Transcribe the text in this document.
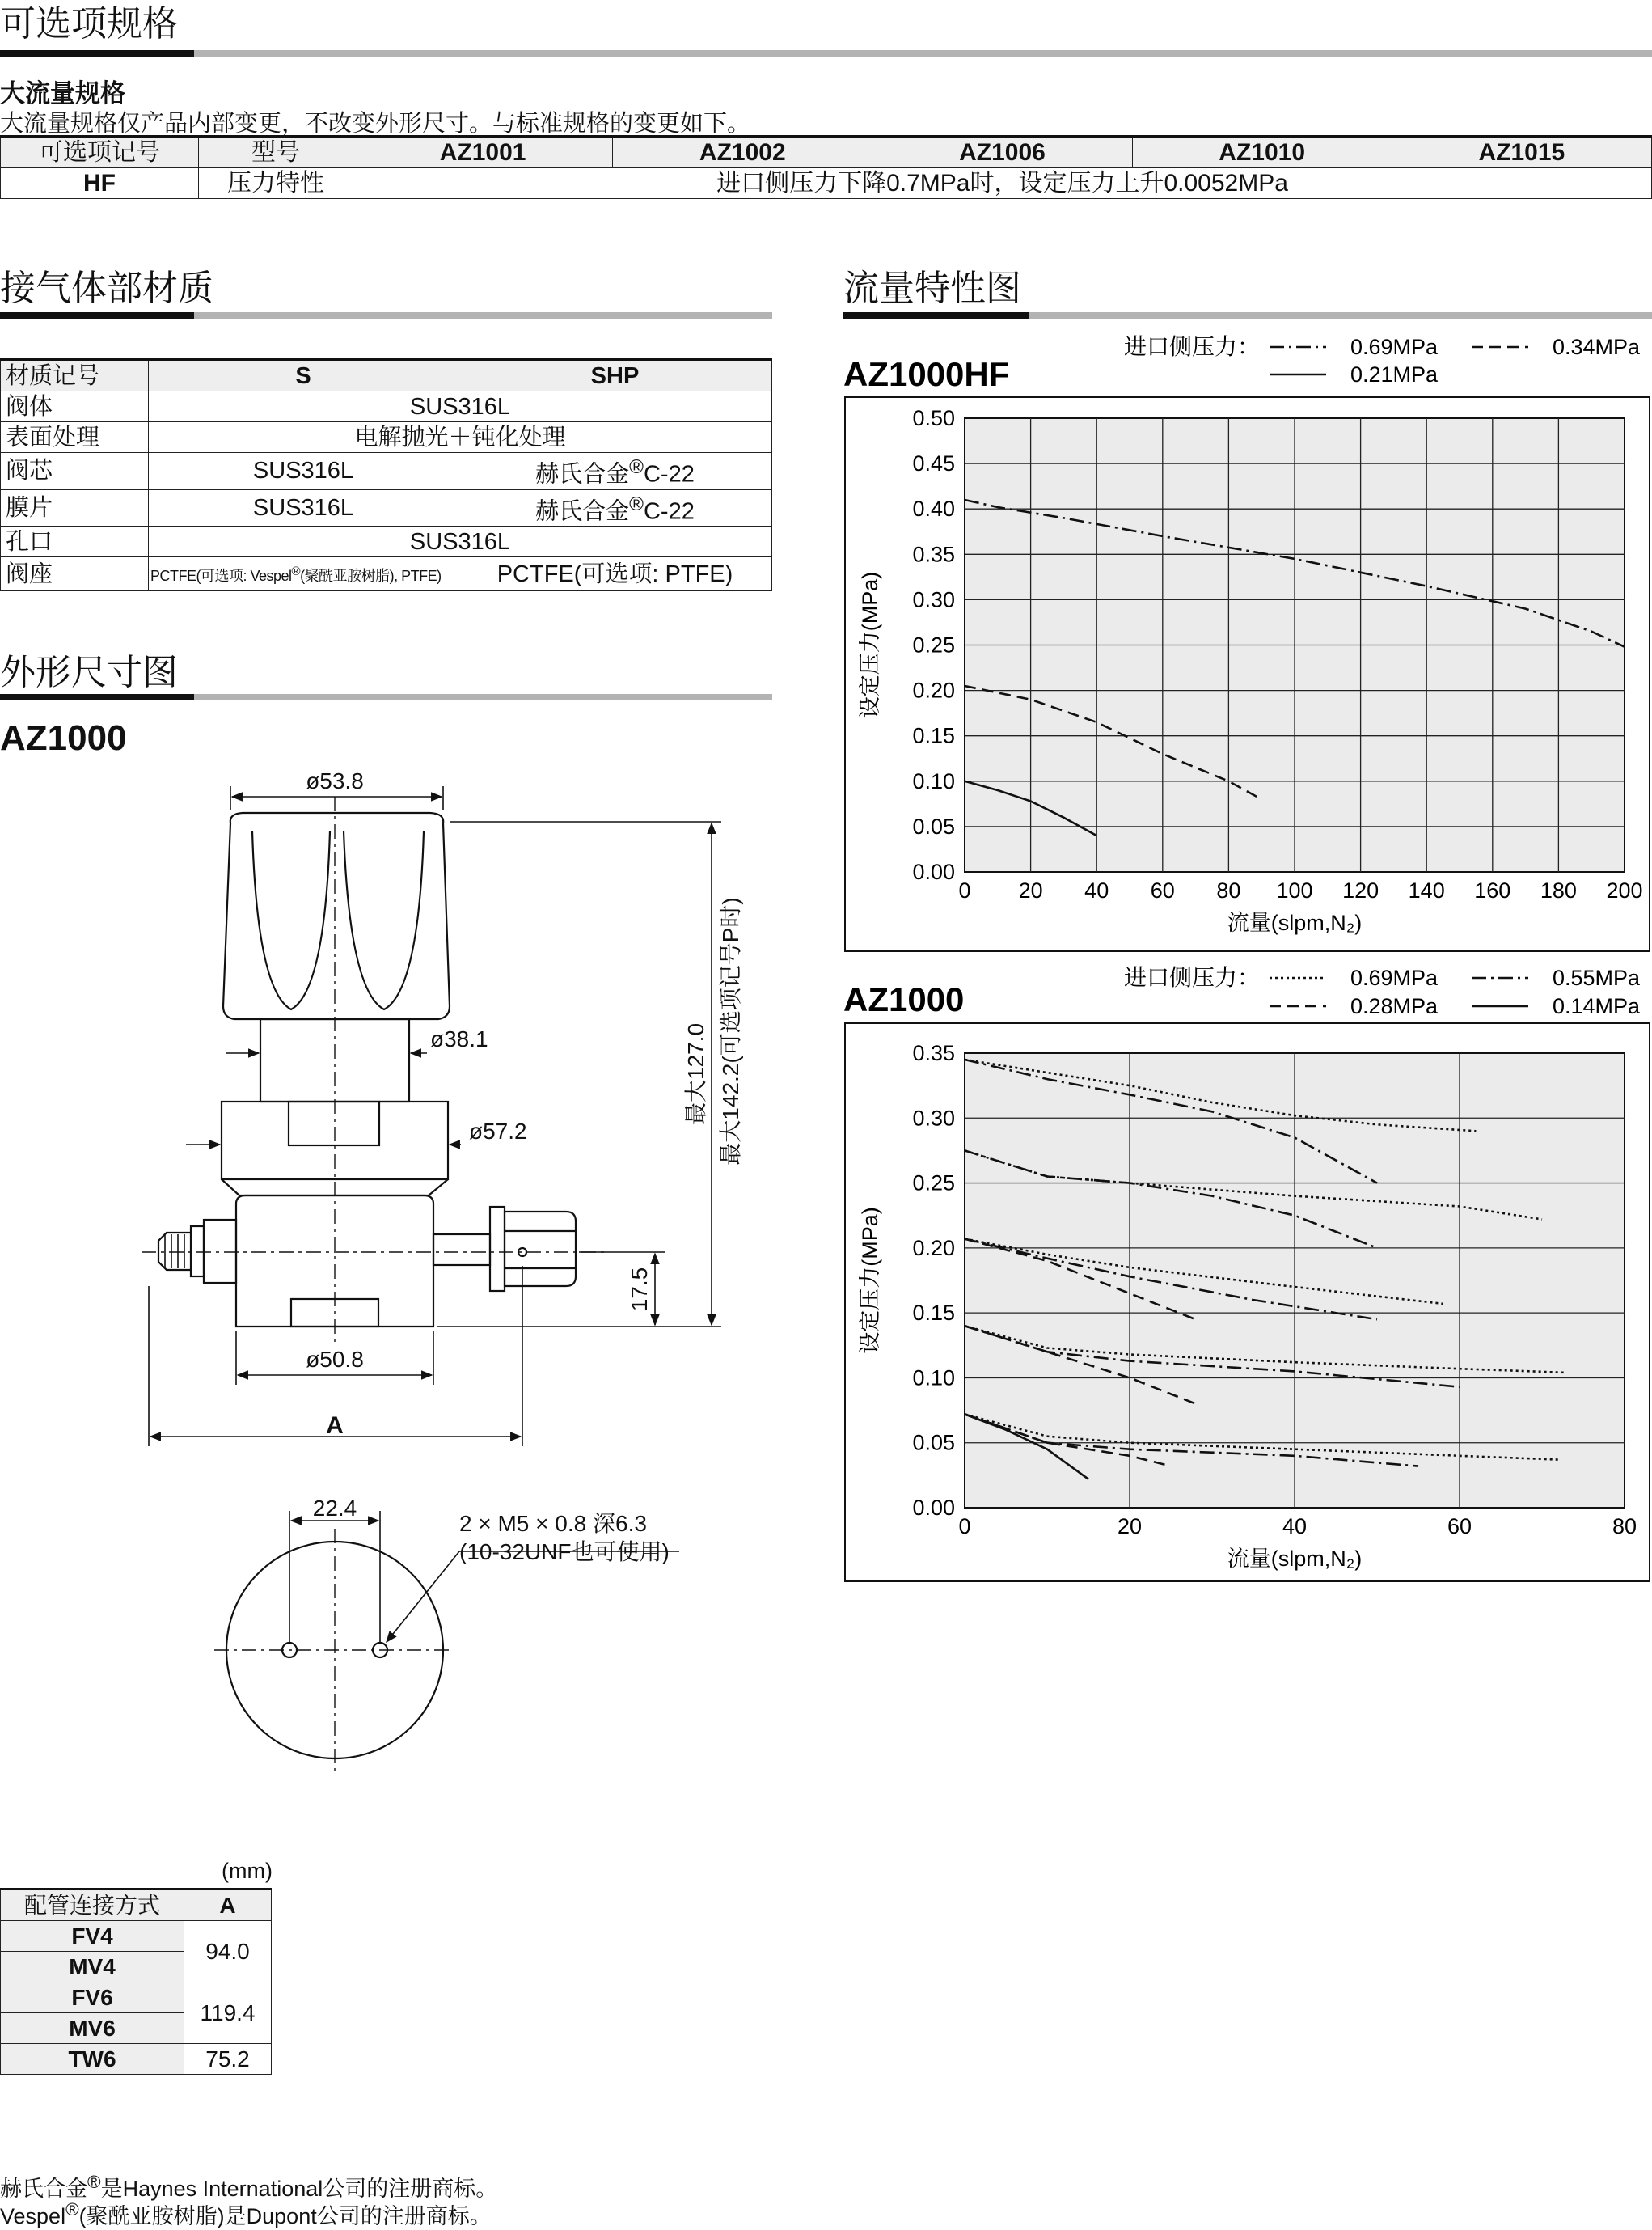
可选项规格
大流量规格
大流量规格仅产品内部变更，不改变外形尺寸。与标准规格的变更如下。
可选项记号	型号	AZ1001	AZ1002	AZ1006	AZ1010	AZ1015
HF	压力特性	进口侧压力下降0.7MPa时，设定压力上升0.0052MPa				
接气体部材质
材质记号	S	SHP
阀体	SUS316L	
表面处理	电解抛光＋钝化处理	
阀芯	SUS316L	赫氏合金®C-22
膜片	SUS316L	赫氏合金®C-22
孔口	SUS316L	
阀座	PCTFE(可选项: Vespel®(聚酰亚胺树脂), PTFE)	PCTFE(可选项: PTFE)
外形尺寸图
AZ1000
ø53.8
ø38.1
ø57.2
ø50.8
A
17.5
最大127.0 最大142.2(可选项记号P时)
22.4
2 × M5 × 0.8 深6.3
(10-32UNF也可使用)
(mm)
配管连接方式	A
FV4	94.0
MV4	
FV6	119.4
MV6	
TW6	75.2
流量特性图
AZ1000HF
进口侧压力：	0.69MPa	0.34MPa
0.21MPa
0 20 40 60 80 100 120 140 160 180 200
0.00
0.05
0.10
0.15
0.20
0.25
0.30
0.35
0.40
0.45
0.50
流量(slpm,N₂)
设定压力(MPa)
AZ1000
进口侧压力：	0.69MPa	0.55MPa
0.28MPa	0.14MPa
0	20	40	60	80
0.00
0.05
0.10
0.15
0.20
0.25
0.30
0.35
流量(slpm,N₂)
设定压力(MPa)
赫氏合金®是Haynes International公司的注册商标。
Vespel®(聚酰亚胺树脂)是Dupont公司的注册商标。
